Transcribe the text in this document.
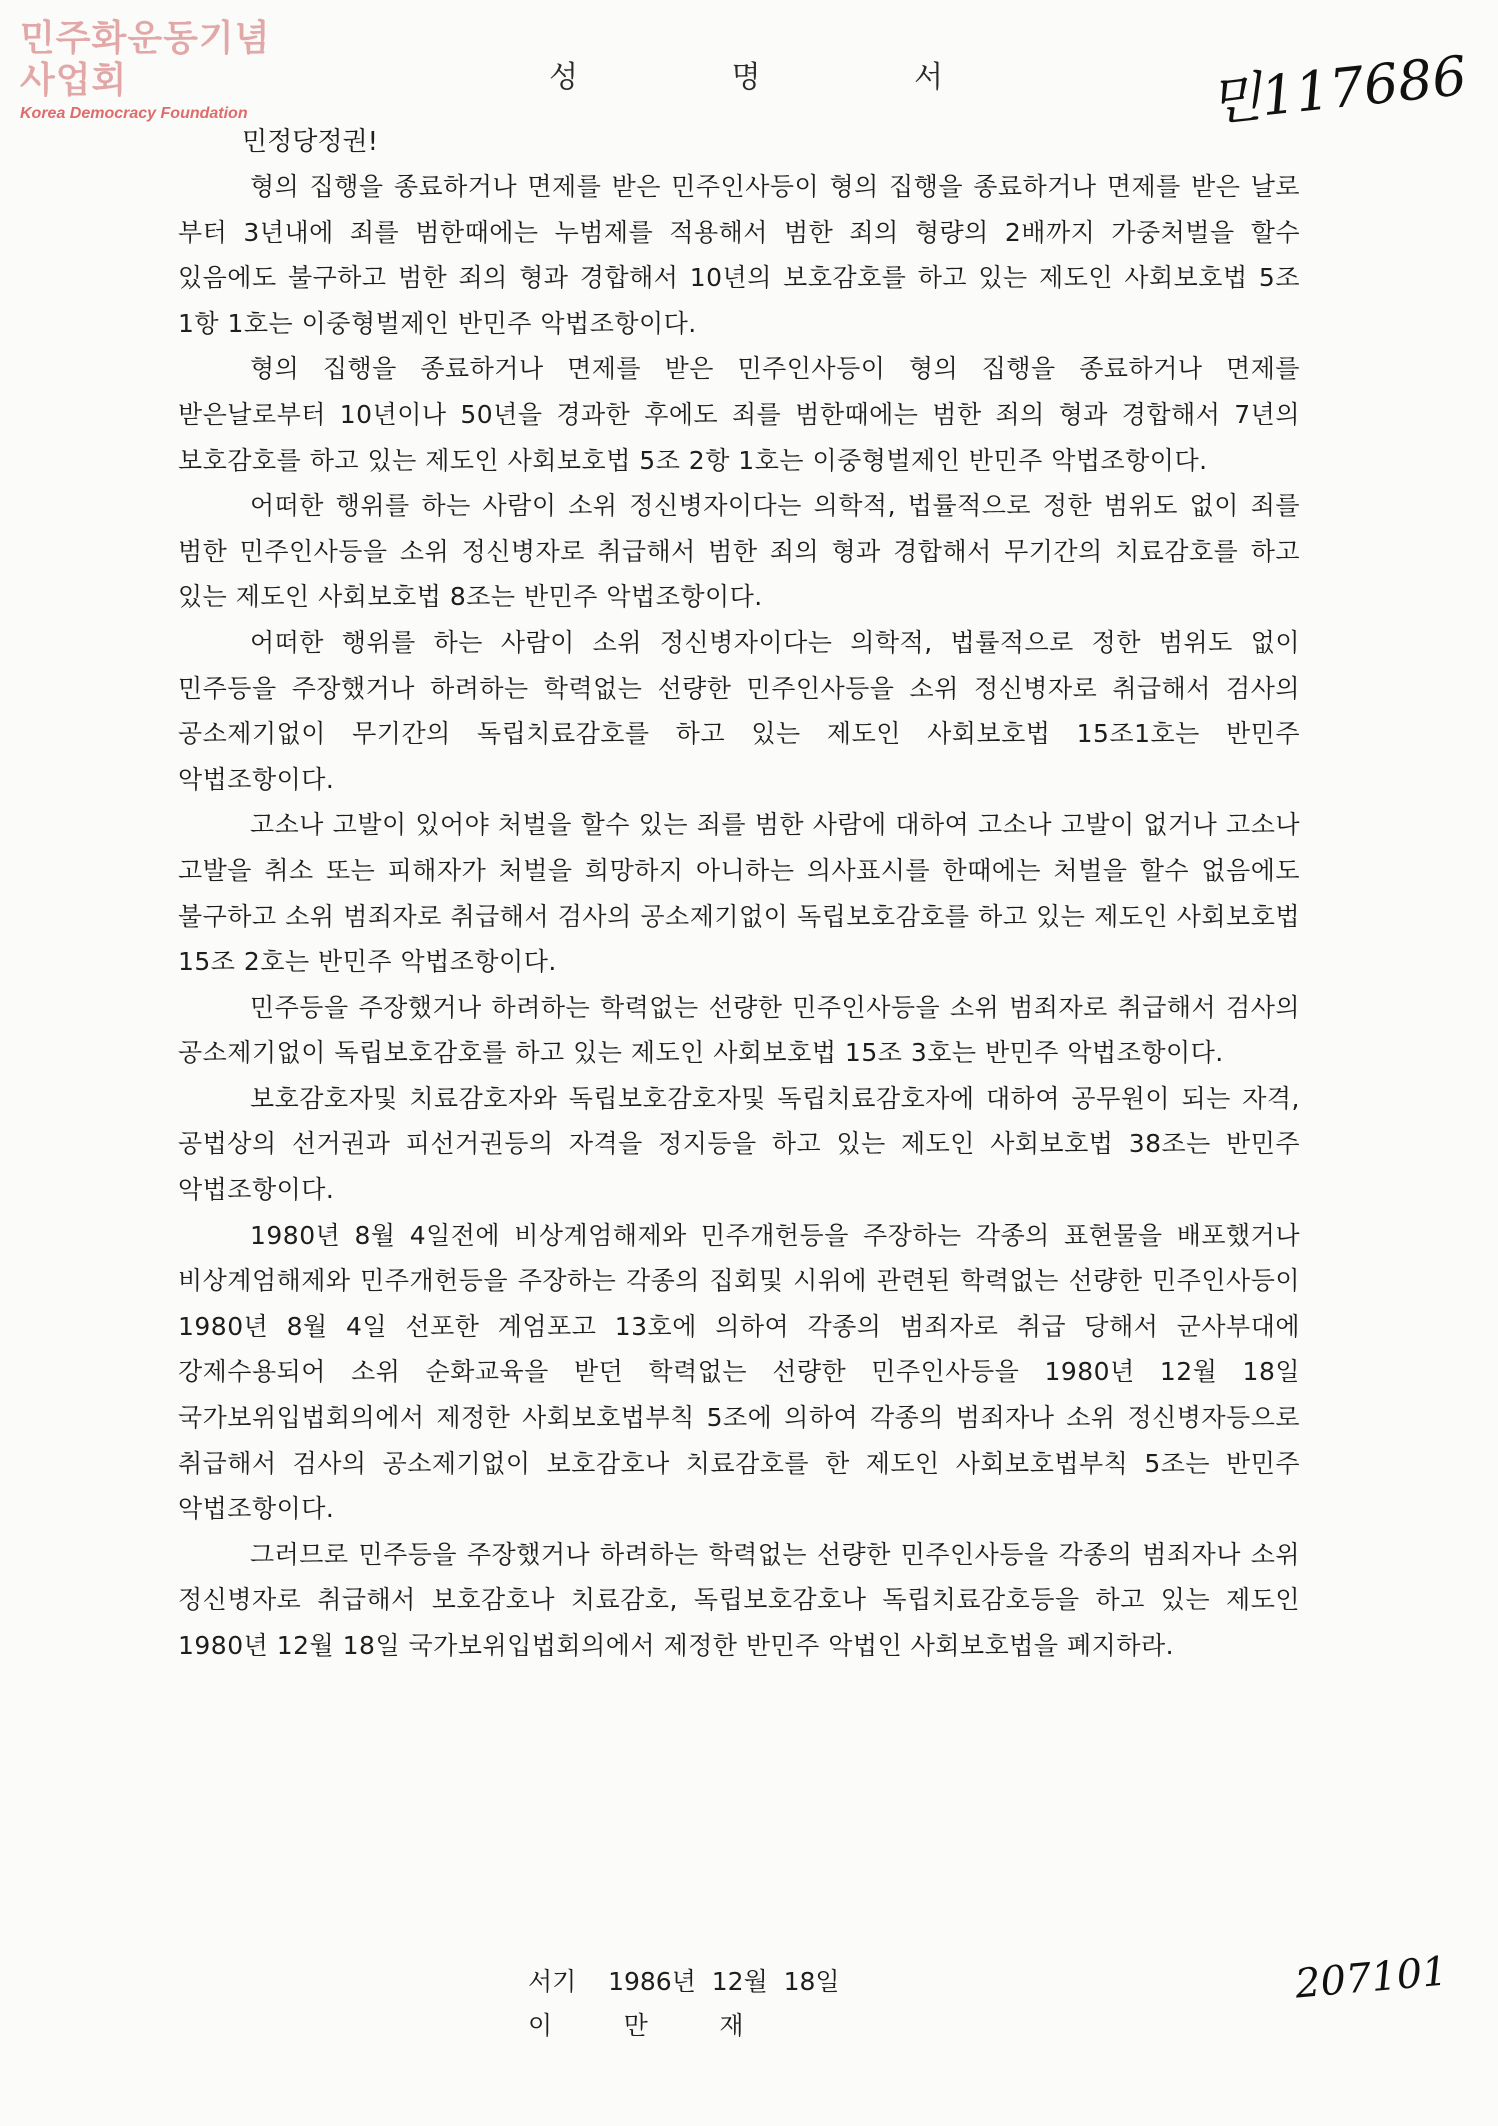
민주화운동기념사업회
Korea Democracy Foundation
성	명	서	민117686

민정당정권!

형의 집행을 종료하거나 면제를 받은 민주인사등이 형의 집행을 종료하거나 면제를 받은 날로 부터 3년내에 죄를 범한때에는 누범제를 적용해서 범한 죄의 형량의 2배까지 가중처벌을 할수 있음에도 불구하고 범한 죄의 형과 경합해서 10년의 보호감호를 하고 있는 제도인 사회보호법 5조 1항 1호는 이중형벌제인 반민주 악법조항이다.

형의 집행을 종료하거나 면제를 받은 민주인사등이 형의 집행을 종료하거나 면제를 받은날로부터 10년이나 50년을 경과한 후에도 죄를 범한때에는 범한 죄의 형과 경합해서 7년의 보호감호를 하고 있는 제도인 사회보호법 5조 2항 1호는 이중형벌제인 반민주 악법조항이다.

어떠한 행위를 하는 사람이 소위 정신병자이다는 의학적, 법률적으로 정한 범위도 없이 죄를 범한 민주인사등을 소위 정신병자로 취급해서 범한 죄의 형과 경합해서 무기간의 치료감호를 하고 있는 제도인 사회보호법 8조는 반민주 악법조항이다.

어떠한 행위를 하는 사람이 소위 정신병자이다는 의학적, 법률적으로 정한 범위도 없이 민주등을 주장했거나 하려하는 학력없는 선량한 민주인사등을 소위 정신병자로 취급해서 검사의 공소제기없이 무기간의 독립치료감호를 하고 있는 제도인 사회보호법 15조1호는 반민주 악법조항이다.

고소나 고발이 있어야 처벌을 할수 있는 죄를 범한 사람에 대하여 고소나 고발이 없거나 고소나 고발을 취소 또는 피해자가 처벌을 희망하지 아니하는 의사표시를 한때에는 처벌을 할수 없음에도 불구하고 소위 범죄자로 취급해서 검사의 공소제기없이 독립보호감호를 하고 있는 제도인 사회보호법 15조 2호는 반민주 악법조항이다.

민주등을 주장했거나 하려하는 학력없는 선량한 민주인사등을 소위 범죄자로 취급해서 검사의 공소제기없이 독립보호감호를 하고 있는 제도인 사회보호법 15조 3호는 반민주 악법조항이다.

보호감호자및 치료감호자와 독립보호감호자및 독립치료감호자에 대하여 공무원이 되는 자격, 공법상의 선거권과 피선거권등의 자격을 정지등을 하고 있는 제도인 사회보호법 38조는 반민주 악법조항이다.

1980년 8월 4일전에 비상계엄해제와 민주개헌등을 주장하는 각종의 표현물을 배포했거나 비상계엄해제와 민주개헌등을 주장하는 각종의 집회및 시위에 관련된 학력없는 선량한 민주인사등이 1980년 8월 4일 선포한 계엄포고 13호에 의하여 각종의 범죄자로 취급 당해서 군사부대에 강제수용되어 소위 순화교육을 받던 학력없는 선량한 민주인사등을 1980년 12월 18일 국가보위입법회의에서 제정한 사회보호법부칙 5조에 의하여 각종의 범죄자나 소위 정신병자등으로 취급해서 검사의 공소제기없이 보호감호나 치료감호를 한 제도인 사회보호법부칙 5조는 반민주 악법조항이다.

그러므로 민주등을 주장했거나 하려하는 학력없는 선량한 민주인사등을 각종의 범죄자나 소위 정신병자로 취급해서 보호감호나 치료감호, 독립보호감호나 독립치료감호등을 하고 있는 제도인 1980년 12월 18일 국가보위입법회의에서 제정한 반민주 악법인 사회보호법을 폐지하라.

서기    1986년  12월  18일
이         만         재
207101
